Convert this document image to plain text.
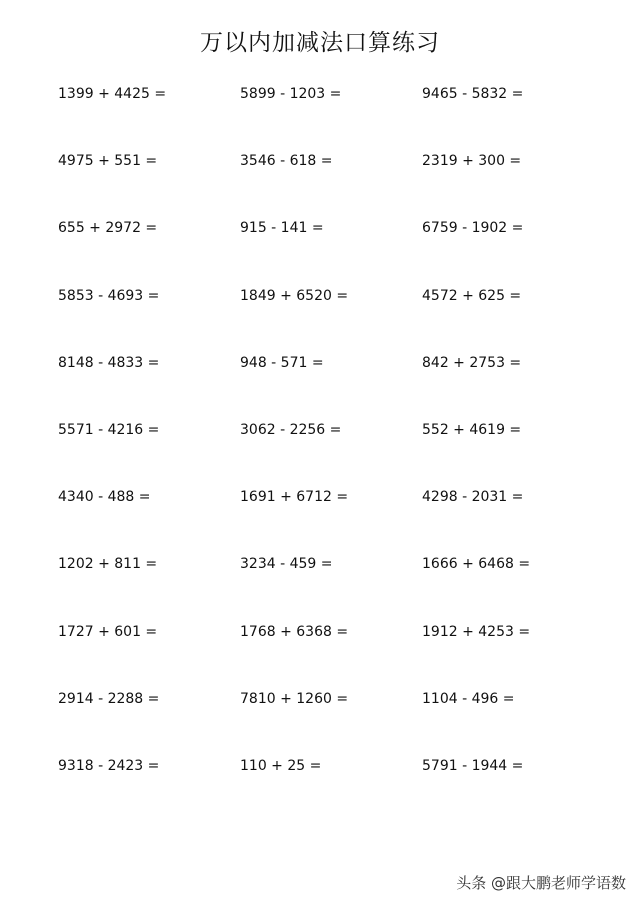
万以内加减法口算练习
1399 + 4425 =	5899 - 1203 =	9465 - 5832 =
4975 + 551 =	3546 - 618 =	2319 + 300 =
655 + 2972 =	915 - 141 =	6759 - 1902 =
5853 - 4693 =	1849 + 6520 =	4572 + 625 =
8148 - 4833 =	948 - 571 =	842 + 2753 =
5571 - 4216 =	3062 - 2256 =	552 + 4619 =
4340 - 488 =	1691 + 6712 =	4298 - 2031 =
1202 + 811 =	3234 - 459 =	1666 + 6468 =
1727 + 601 =	1768 + 6368 =	1912 + 4253 =
2914 - 2288 =	7810 + 1260 =	1104 - 496 =
9318 - 2423 =	110 + 25 =	5791 - 1944 =
头条 @跟大鹏老师学语数
